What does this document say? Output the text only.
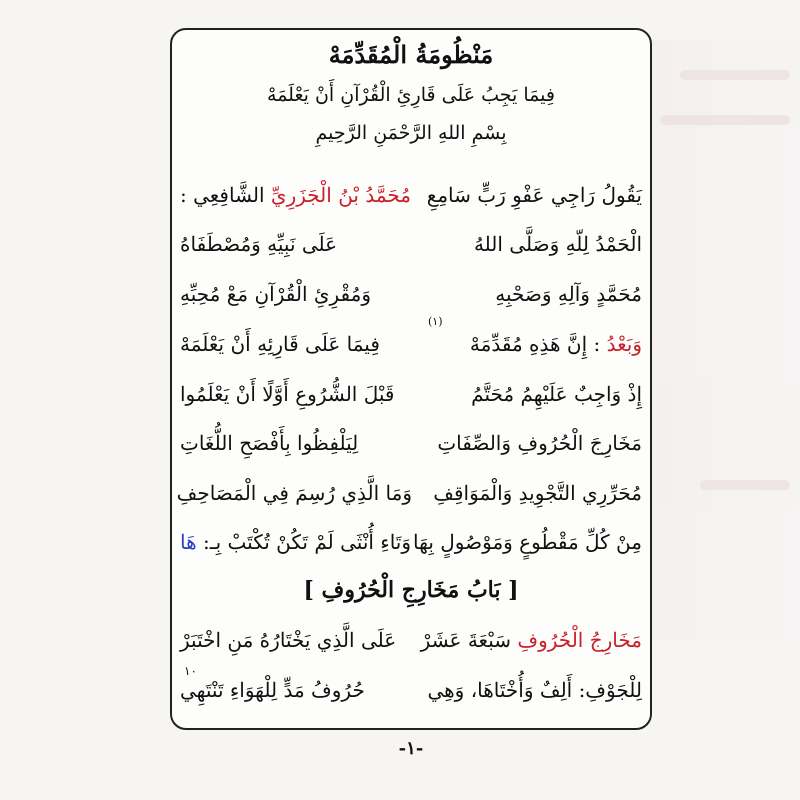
مَنْظُومَةُ الْمُقَدِّمَهْ
فِيمَا يَجِبُ عَلَى قَارِئِ الْقُرْآنِ أَنْ يَعْلَمَهْ
بِسْمِ اللهِ الرَّحْمَنِ الرَّحِيمِ
يَقُولُ رَاجِي عَفْوِ رَبٍّ سَامِعِ
مُحَمَّدُ بْنُ الْجَزَرِيِّ الشَّافِعِي :
الْحَمْدُ لِلّهِ وَصَلَّى اللهُ
عَلَى نَبِيِّهِ وَمُصْطَفَاهُ
مُحَمَّدٍ وَآلِهِ وَصَحْبِهِ
وَمُقْرِئِ الْقُرْآنِ مَعْ مُحِبِّهِ
وَبَعْدُ : إِنَّ هَذِهِ مُقَدِّمَهْ
فِيمَا عَلَى قَارِئِهِ أَنْ يَعْلَمَهْ
(١)
إِذْ وَاجِبٌ عَلَيْهِمُ مُحَتَّمُ
قَبْلَ الشُّرُوعِ أَوَّلًا أَنْ يَعْلَمُوا
مَخَارِجَ الْحُرُوفِ وَالصِّفَاتِ
لِيَلْفِظُوا بِأَفْصَحِ اللُّغَاتِ
مُحَرِّرِي التَّجْوِيدِ وَالْمَوَاقِفِ
وَمَا الَّذِي رُسِمَ فِي الْمَصَاحِفِ
مِنْ كُلِّ مَقْطُوعٍ وَمَوْصُولٍ بِهَا
وَتَاءِ أُنْثَى لَمْ تَكُنْ تُكْتَبْ بِـ: هَا
[ بَابُ مَخَارِجِ الْحُرُوفِ ]
مَخَارِجُ الْحُرُوفِ سَبْعَةَ عَشَرْ
عَلَى الَّذِي يَخْتَارُهُ مَنِ اخْتَبَرْ
١٠
لِلْجَوْفِ: أَلِفٌ وَأُخْتَاهَا، وَهِي
حُرُوفُ مَدٍّ لِلْهَوَاءِ تَنْتَهِي
-١-
